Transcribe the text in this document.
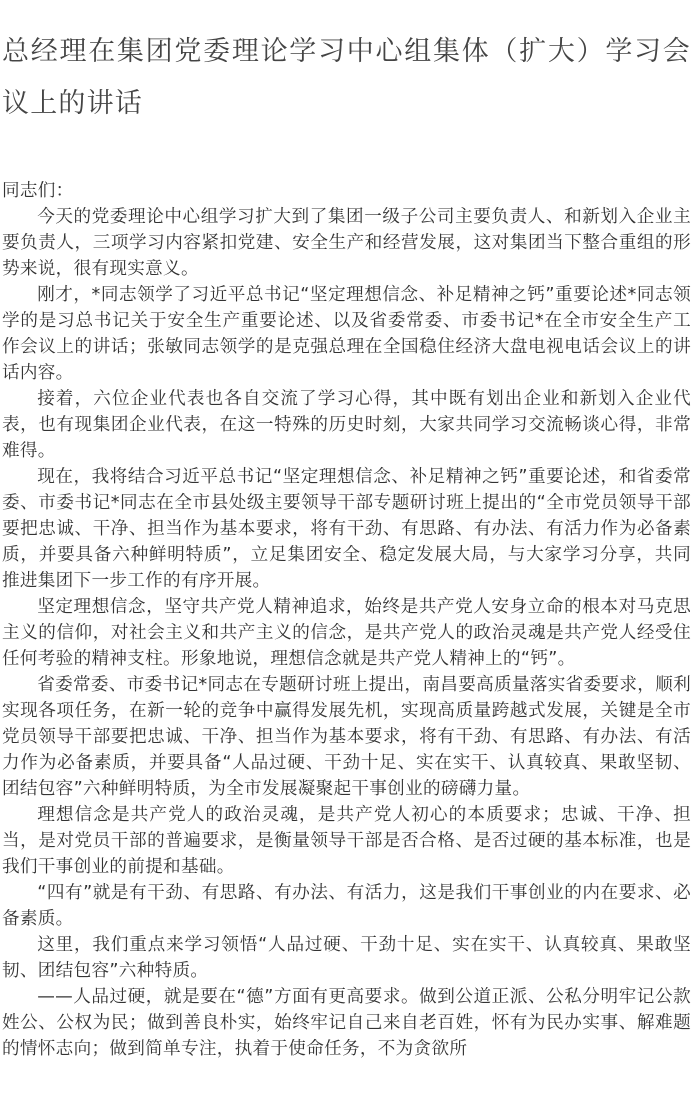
总经理在集团党委理论学习中心组集体（扩大）学习会议上的讲话

同志们：

今天的党委理论中心组学习扩大到了集团一级子公司主要负责人、和新划入企业主要负责人，三项学习内容紧扣党建、安全生产和经营发展，这对集团当下整合重组的形势来说，很有现实意义。

刚才，*同志领学了习近平总书记“坚定理想信念、补足精神之钙”重要论述*同志领学的是习总书记关于安全生产重要论述、以及省委常委、市委书记*在全市安全生产工作会议上的讲话；张敏同志领学的是克强总理在全国稳住经济大盘电视电话会议上的讲话内容。

接着，六位企业代表也各自交流了学习心得，其中既有划出企业和新划入企业代表，也有现集团企业代表，在这一特殊的历史时刻，大家共同学习交流畅谈心得，非常难得。

现在，我将结合习近平总书记“坚定理想信念、补足精神之钙”重要论述，和省委常委、市委书记*同志在全市县处级主要领导干部专题研讨班上提出的“全市党员领导干部要把忠诚、干净、担当作为基本要求，将有干劲、有思路、有办法、有活力作为必备素质，并要具备六种鲜明特质”，立足集团安全、稳定发展大局，与大家学习分享，共同推进集团下一步工作的有序开展。

坚定理想信念，坚守共产党人精神追求，始终是共产党人安身立命的根本对马克思主义的信仰，对社会主义和共产主义的信念，是共产党人的政治灵魂是共产党人经受住任何考验的精神支柱。形象地说，理想信念就是共产党人精神上的“钙”。

省委常委、市委书记*同志在专题研讨班上提出，南昌要高质量落实省委要求，顺利实现各项任务，在新一轮的竞争中赢得发展先机，实现高质量跨越式发展，关键是全市党员领导干部要把忠诚、干净、担当作为基本要求，将有干劲、有思路、有办法、有活力作为必备素质，并要具备“人品过硬、干劲十足、实在实干、认真较真、果敢坚韧、团结包容”六种鲜明特质，为全市发展凝聚起干事创业的磅礴力量。

理想信念是共产党人的政治灵魂，是共产党人初心的本质要求；忠诚、干净、担当，是对党员干部的普遍要求，是衡量领导干部是否合格、是否过硬的基本标准，也是我们干事创业的前提和基础。

“四有”就是有干劲、有思路、有办法、有活力，这是我们干事创业的内在要求、必备素质。

这里，我们重点来学习领悟“人品过硬、干劲十足、实在实干、认真较真、果敢坚韧、团结包容”六种特质。

——人品过硬，就是要在“德”方面有更高要求。做到公道正派、公私分明牢记公款姓公、公权为民；做到善良朴实，始终牢记自己来自老百姓，怀有为民办实事、解难题的情怀志向；做到简单专注，执着于使命任务，不为贪欲所
